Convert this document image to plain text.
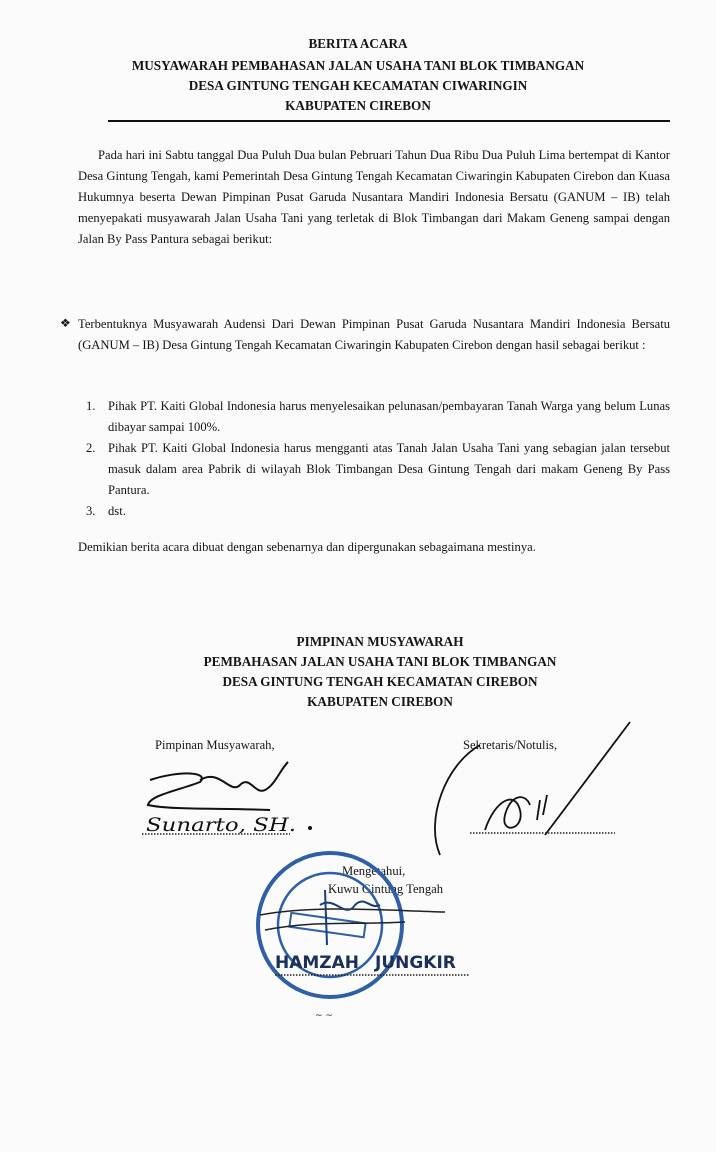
BERITA ACARA
MUSYAWARAH PEMBAHASAN JALAN USAHA TANI BLOK TIMBANGAN
DESA GINTUNG TENGAH KECAMATAN CIWARINGIN
KABUPATEN CIREBON
Pada hari ini Sabtu tanggal Dua Puluh Dua bulan Pebruari Tahun Dua Ribu Dua Puluh Lima bertempat di Kantor Desa Gintung Tengah, kami Pemerintah Desa Gintung Tengah Kecamatan Ciwaringin Kabupaten Cirebon dan Kuasa Hukumnya beserta Dewan Pimpinan Pusat Garuda Nusantara Mandiri Indonesia Bersatu (GANUM – IB) telah menyepakati musyawarah Jalan Usaha Tani yang terletak di Blok Timbangan dari Makam Geneng sampai dengan Jalan By Pass Pantura sebagai berikut:
❖ Terbentuknya Musyawarah Audensi Dari Dewan Pimpinan Pusat Garuda Nusantara Mandiri Indonesia Bersatu (GANUM – IB) Desa Gintung Tengah Kecamatan Ciwaringin Kabupaten Cirebon dengan hasil sebagai berikut :
1. Pihak PT. Kaiti Global Indonesia harus menyelesaikan pelunasan/pembayaran Tanah Warga yang belum Lunas dibayar sampai 100%.
2. Pihak PT. Kaiti Global Indonesia harus mengganti atas Tanah Jalan Usaha Tani yang sebagian jalan tersebut masuk dalam area Pabrik di wilayah Blok Timbangan Desa Gintung Tengah dari makam Geneng By Pass Pantura.
3. dst.
Demikian berita acara dibuat dengan sebenarnya dan dipergunakan sebagaimana mestinya.
PIMPINAN MUSYAWARAH
PEMBAHASAN JALAN USAHA TANI BLOK TIMBANGAN
DESA GINTUNG TENGAH KECAMATAN CIREBON
KABUPATEN CIREBON
Pimpinan Musyawarah,	Sekretaris/Notulis,
Sunarto, SH.
Mengetahui,
Kuwu Gintung Tengah
HAMZAH JUNGKIR
~ ~
